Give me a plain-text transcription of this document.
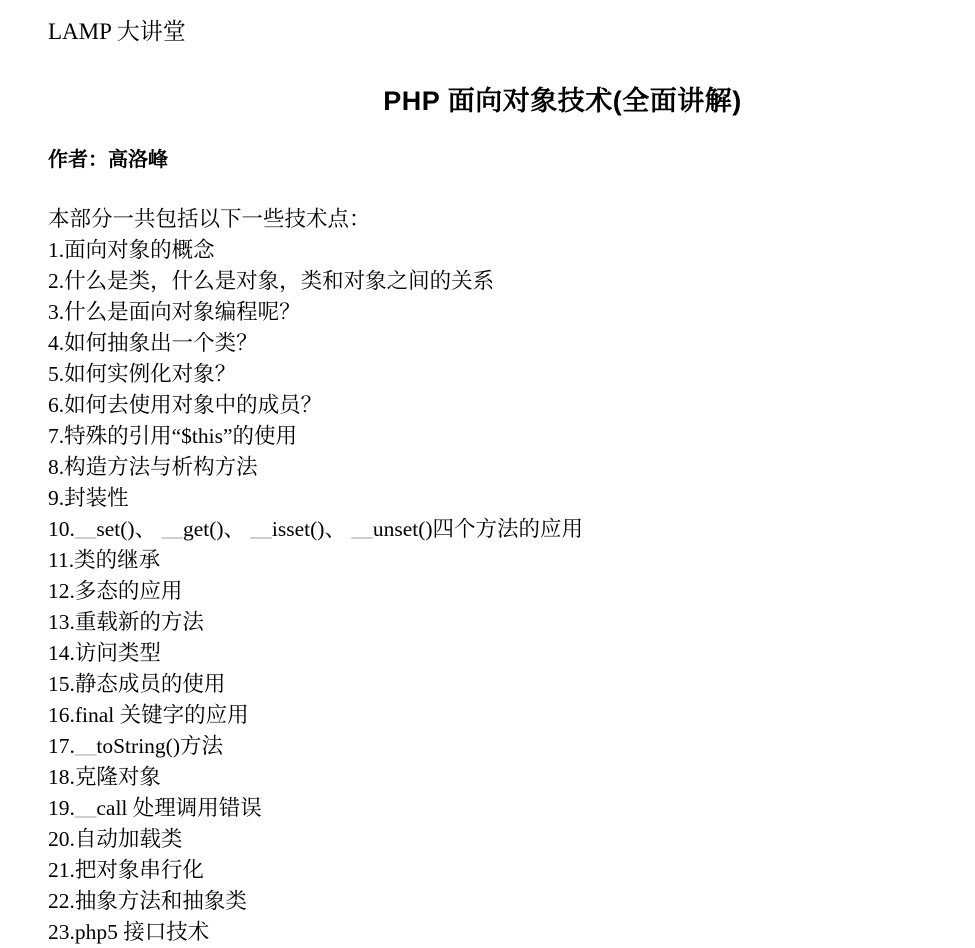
LAMP 大讲堂
PHP 面向对象技术(全面讲解)
作者：高洛峰
本部分一共包括以下一些技术点：
1.面向对象的概念
2.什么是类，什么是对象，类和对象之间的关系
3.什么是面向对象编程呢？
4.如何抽象出一个类？
5.如何实例化对象？
6.如何去使用对象中的成员？
7.特殊的引用“$this”的使用
8.构造方法与析构方法
9.封装性
10.__set()、 __get()、 __isset()、 __unset()四个方法的应用
11.类的继承
12.多态的应用
13.重载新的方法
14.访问类型
15.静态成员的使用
16.final 关键字的应用
17.__toString()方法
18.克隆对象
19.__call 处理调用错误
20.自动加载类
21.把对象串行化
22.抽象方法和抽象类
23.php5 接口技术
